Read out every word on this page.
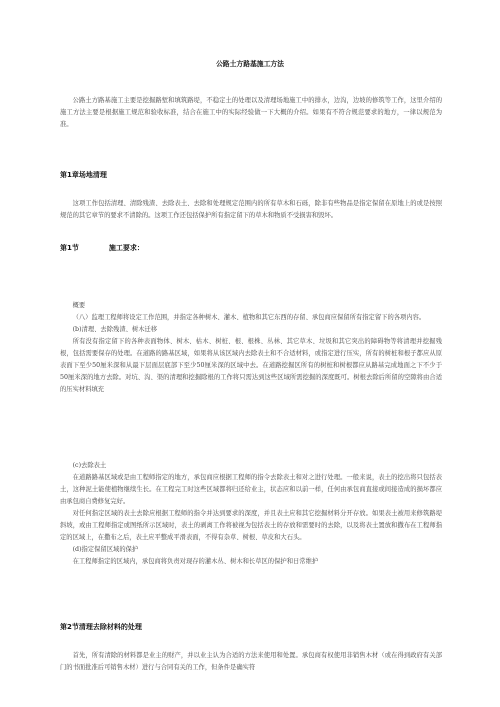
公路土方路基施工方法

公路土方路基施工主要是挖掘路堑和填筑路堤，不稳定土的处理以及清理场地施工中的排水，边沟，边坡的修筑等工作，这里介绍的施工方法主要是根据施工规范和验收标准，结合在施工中的实际经验做一下大概的介绍。如果有不符合规范要求的地方，一律以规范为准。

第1章场地清理

这项工作包括清理、清除残渣、去除表土、去除和处理规定范围内的所有草木和石砾，除非有些物品是指定保留在原地上的或是按照规范的其它章节的要求不清除的。这项工作还包括保护所有指定留下的草木和物质不受损害和毁坏。

第1节	施工要求：

概要

（八）监理工程师将设定工作范围，并指定各种树木、灌木、植物和其它东西的存留、承包商应保留所有指定留下的各项内容。

(b)清理、去除残渣、树木迁移

所有没有指定留下的各种表面物体、树木、枯木、树桩、根、根株、丛林、其它草木、垃圾和其它突出的障碍物等将清理并挖掘残根，包括需要保存的处理。在道路的路基区域，如果将从该区域内去除表土和不合适材料，或指定进行压实，所有的树桩和根子都应从原表面下至少50厘米深和从最下层面层底部下至少50厘米深的区域中去。在道路挖掘区所有的树桩和树根都应从路基完成地面之下不少于50厘米深的地方去除。对坑、沟、渠的清理和挖掘除根的工作将只需达到这些区域所需挖掘的深度既可。树根去除后所留的空隙将由合适的压实材料填充

(c)去除表土

在道路路基区域或是由工程师指定的地方，承包商应根据工程师的指令去除表土和对之进行处理。一般来说，表土的挖出将只包括表土，这种泥土能使植物继续生长。在工程完工时这些区域都将归还给业主，状态应和以前一样，任何由承包商直接或间接造成的损坏都应由承包商自费修复完好。

对任何指定区域的表土去除应根据工程师的指令并达到要求的深度，并且表土应和其它挖掘材料分开存放。如果表土被用来修筑路堤斜坡，或由工程师指定或图纸所示区域时，表土的剥离工作将被视为包括表土的存放和需要时的去除，以及将表土置放和撒布在工程师指定的区域上，在撒布之后，表土应平整成平滑表面，不得有杂草、树根、草皮和大石头。

(d)指定保留区域的保护

在工程师指定的区域内，承包商将负责对现存的灌木丛、树木和长草区的保护和日常维护

第2节清理去除材料的处理

首先，所有清除的材料都是业主的财产，并以业主认为合适的方法来使用和处置。承包商有权使用非销售木材（或在得到政府有关部门的书面批准后可销售木材）进行与合同有关的工作，但条件是确实符
